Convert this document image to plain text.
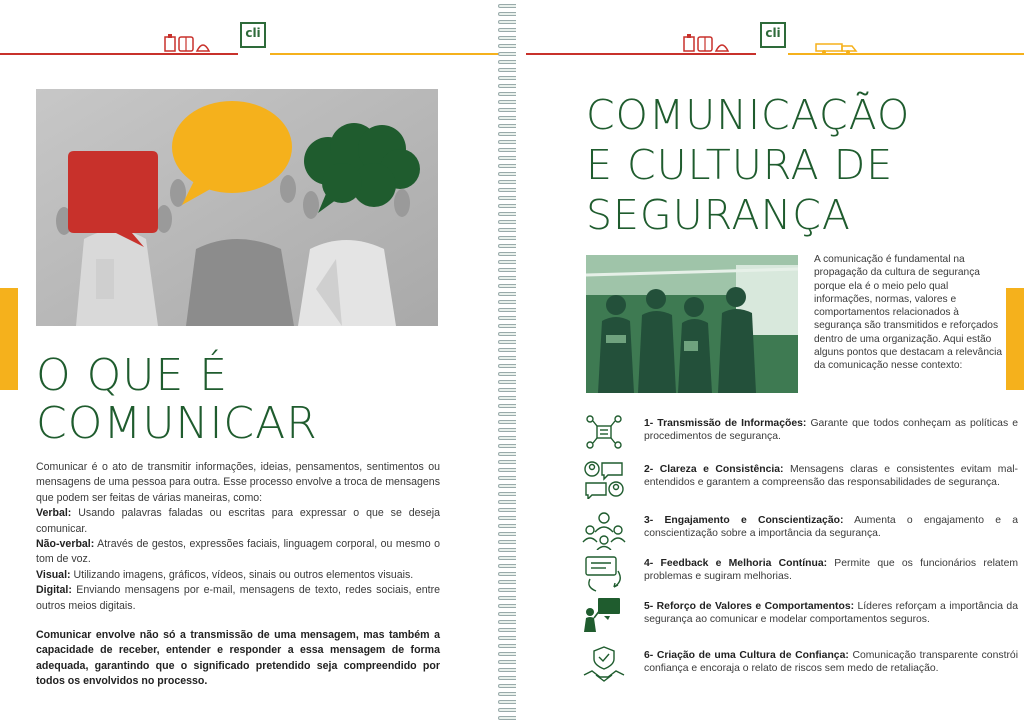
cli
O QUE É
COMUNICAR

Comunicar é o ato de transmitir informações, ideias, pensamentos, sentimentos ou mensagens de uma pessoa para outra. Esse processo envolve a troca de mensagens que podem ser feitas de várias maneiras, como:

Verbal: Usando palavras faladas ou escritas para expressar o que se deseja comunicar.

Não-verbal: Através de gestos, expressões faciais, linguagem corporal, ou mesmo o tom de voz.

Visual: Utilizando imagens, gráficos, vídeos, sinais ou outros elementos visuais.

Digital: Enviando mensagens por e-mail, mensagens de texto, redes sociais, entre outros meios digitais.

Comunicar envolve não só a transmissão de uma mensagem, mas também a capacidade de receber, entender e responder a essa mensagem de forma adequada, garantindo que o significado pretendido seja compreendido por todos os envolvidos no processo.

cli
COMUNICAÇÃO
E CULTURA DE
SEGURANÇA
A comunicação é fundamental na propagação da cultura de segurança porque ela é o meio pelo qual informações, normas, valores e comportamentos relacionados à segurança são transmitidos e reforçados dentro de uma organização. Aqui estão alguns pontos que destacam a relevância da comunicação nesse contexto:
1- Transmissão de Informações: Garante que todos conheçam as políticas e procedimentos de segurança.
2- Clareza e Consistência: Mensagens claras e consistentes evitam mal-entendidos e garantem a compreensão das responsabilidades de segurança.
3- Engajamento e Conscientização: Aumenta o engajamento e a conscientização sobre a importância da segurança.
4- Feedback e Melhoria Contínua: Permite que os funcionários relatem problemas e sugiram melhorias.
5- Reforço de Valores e Comportamentos: Líderes reforçam a importância da segurança ao comunicar e modelar comportamentos seguros.
6- Criação de uma Cultura de Confiança: Comunicação transparente constrói confiança e encoraja o relato de riscos sem medo de retaliação.
